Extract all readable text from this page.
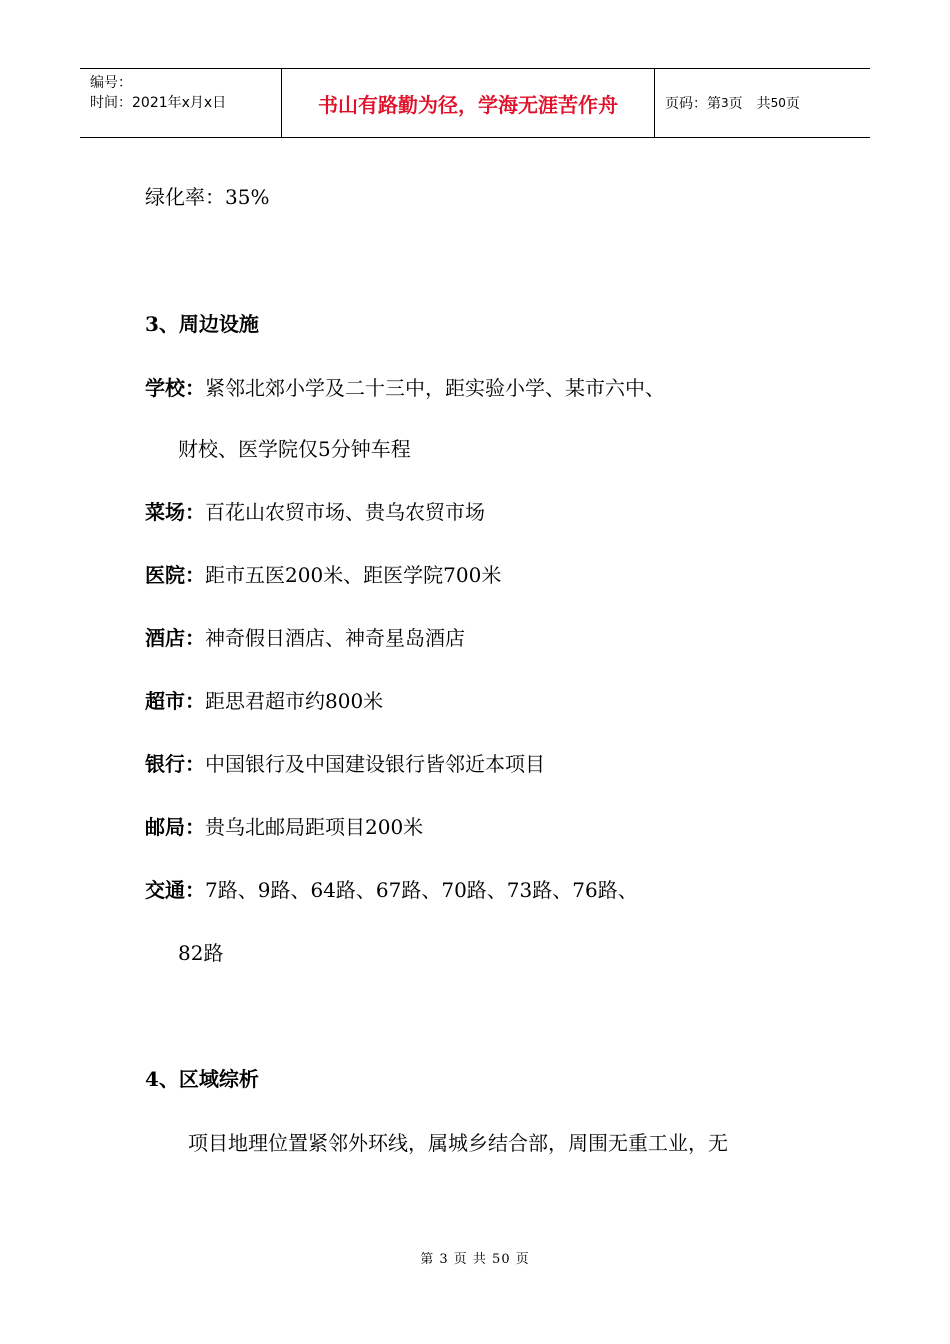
编号：
时间：2021年x月x日	书山有路勤为径，学海无涯苦作舟	页码：第 3 页　共 50 页
绿化率：35%
3、周边设施
学校：紧邻北郊小学及二十三中，距实验小学、某市六中、
财校、医学院仅5分钟车程
菜场：百花山农贸市场、贵乌农贸市场
医院：距市五医200米、距医学院700米
酒店：神奇假日酒店、神奇星岛酒店
超市：距思君超市约800米
银行：中国银行及中国建设银行皆邻近本项目
邮局：贵乌北邮局距项目200米
交通：7路、9路、64路、67路、70路、73路、76路、
82路
4、区域综析
项目地理位置紧邻外环线，属城乡结合部，周围无重工业，无
第 3 页 共 50 页
